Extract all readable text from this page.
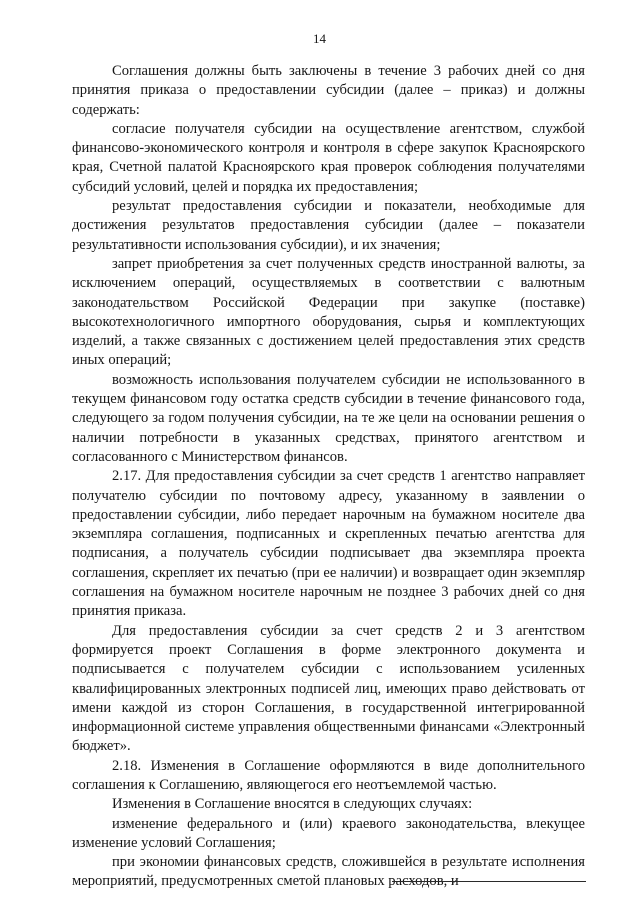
14

Соглашения должны быть заключены в течение 3 рабочих дней со дня принятия приказа о предоставлении субсидии (далее – приказ) и должны содержать:

согласие получателя субсидии на осуществление агентством, службой финансово-экономического контроля и контроля в сфере закупок Красноярского края, Счетной палатой Красноярского края проверок соблюдения получателями субсидий условий, целей и порядка их предоставления;

результат предоставления субсидии и показатели, необходимые для достижения результатов предоставления субсидии (далее – показатели результативности использования субсидии), и их значения;

запрет приобретения за счет полученных средств иностранной валюты, за исключением операций, осуществляемых в соответствии с валютным законодательством Российской Федерации при закупке (поставке) высокотехнологичного импортного оборудования, сырья и комплектующих изделий, а также связанных с достижением целей предоставления этих средств иных операций;

возможность использования получателем субсидии не использованного в текущем финансовом году остатка средств субсидии в течение финансового года, следующего за годом получения субсидии, на те же цели на основании решения о наличии потребности в указанных средствах, принятого агентством и согласованного с Министерством финансов.

2.17. Для предоставления субсидии за счет средств 1 агентство направляет получателю субсидии по почтовому адресу, указанному в заявлении о предоставлении субсидии, либо передает нарочным на бумажном носителе два экземпляра соглашения, подписанных и скрепленных печатью агентства для подписания, а получатель субсидии подписывает два экземпляра проекта соглашения, скрепляет их печатью (при ее наличии) и возвращает один экземпляр соглашения на бумажном носителе нарочным не позднее 3 рабочих дней со дня принятия приказа.

Для предоставления субсидии за счет средств 2 и 3 агентством формируется проект Соглашения в форме электронного документа и подписывается с получателем субсидии с использованием усиленных квалифицированных электронных подписей лиц, имеющих право действовать от имени каждой из сторон Соглашения, в государственной интегрированной информационной системе управления общественными финансами «Электронный бюджет».

2.18. Изменения в Соглашение оформляются в виде дополнительного соглашения к Соглашению, являющегося его неотъемлемой частью.

Изменения в Соглашение вносятся в следующих случаях:

изменение федерального и (или) краевого законодательства, влекущее изменение условий Соглашения;

при экономии финансовых средств, сложившейся в результате исполнения мероприятий, предусмотренных сметой плановых расходов, и
